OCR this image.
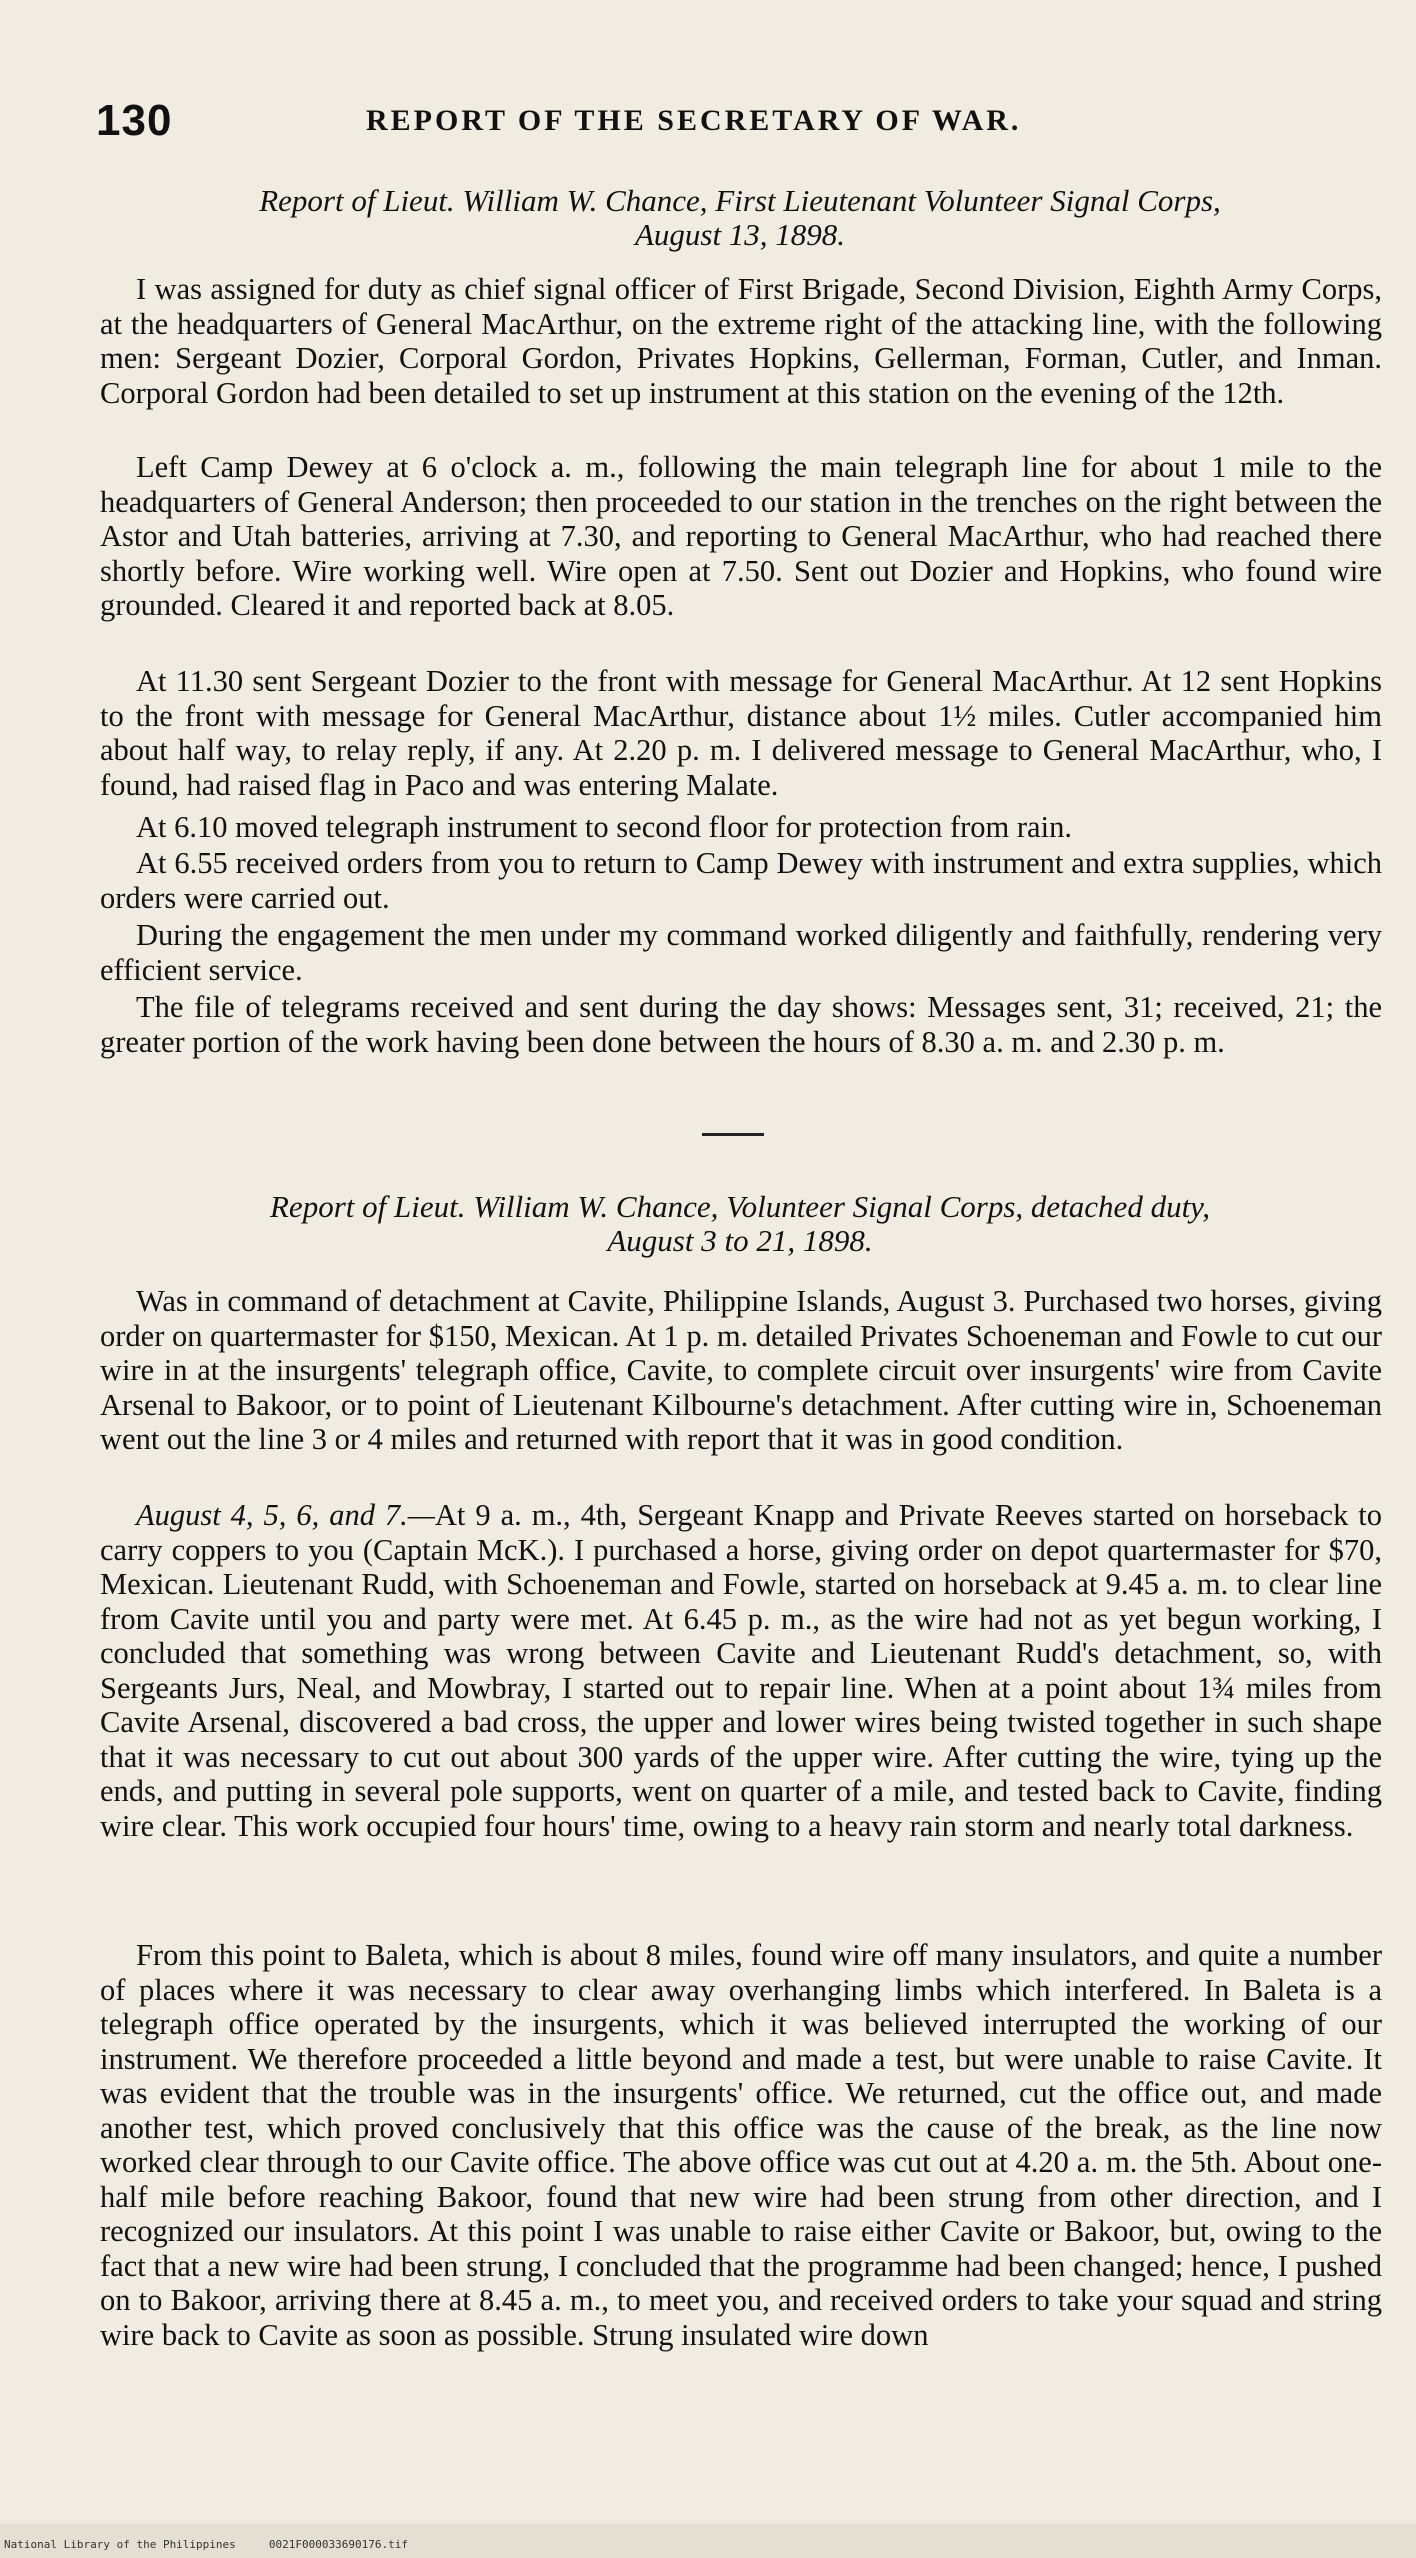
130	REPORT OF THE SECRETARY OF WAR.
Report of Lieut. William W. Chance, First Lieutenant Volunteer Signal Corps,
August 13, 1898.

I was assigned for duty as chief signal officer of First Brigade, Second Division, Eighth Army Corps, at the headquarters of General MacArthur, on the extreme right of the attacking line, with the following men: Sergeant Dozier, Corporal Gordon, Privates Hopkins, Gellerman, Forman, Cutler, and Inman. Corporal Gordon had been detailed to set up instrument at this station on the evening of the 12th.

Left Camp Dewey at 6 o'clock a. m., following the main telegraph line for about 1 mile to the headquarters of General Anderson; then proceeded to our station in the trenches on the right between the Astor and Utah batteries, arriving at 7.30, and reporting to General MacArthur, who had reached there shortly before. Wire working well. Wire open at 7.50. Sent out Dozier and Hopkins, who found wire grounded. Cleared it and reported back at 8.05.

At 11.30 sent Sergeant Dozier to the front with message for General MacArthur. At 12 sent Hopkins to the front with message for General MacArthur, distance about 1½ miles. Cutler accompanied him about half way, to relay reply, if any. At 2.20 p. m. I delivered message to General MacArthur, who, I found, had raised flag in Paco and was entering Malate.

At 6.10 moved telegraph instrument to second floor for protection from rain.

At 6.55 received orders from you to return to Camp Dewey with instrument and extra supplies, which orders were carried out.

During the engagement the men under my command worked diligently and faithfully, rendering very efficient service.

The file of telegrams received and sent during the day shows: Messages sent, 31; received, 21; the greater portion of the work having been done between the hours of 8.30 a. m. and 2.30 p. m.

Report of Lieut. William W. Chance, Volunteer Signal Corps, detached duty,
August 3 to 21, 1898.

Was in command of detachment at Cavite, Philippine Islands, August 3. Purchased two horses, giving order on quartermaster for $150, Mexican. At 1 p. m. detailed Privates Schoeneman and Fowle to cut our wire in at the insurgents' telegraph office, Cavite, to complete circuit over insurgents' wire from Cavite Arsenal to Bakoor, or to point of Lieutenant Kilbourne's detachment. After cutting wire in, Schoeneman went out the line 3 or 4 miles and returned with report that it was in good condition.

August 4, 5, 6, and 7.—At 9 a. m., 4th, Sergeant Knapp and Private Reeves started on horseback to carry coppers to you (Captain McK.). I purchased a horse, giving order on depot quartermaster for $70, Mexican. Lieutenant Rudd, with Schoeneman and Fowle, started on horseback at 9.45 a. m. to clear line from Cavite until you and party were met. At 6.45 p. m., as the wire had not as yet begun working, I concluded that something was wrong between Cavite and Lieutenant Rudd's detachment, so, with Sergeants Jurs, Neal, and Mowbray, I started out to repair line. When at a point about 1¾ miles from Cavite Arsenal, discovered a bad cross, the upper and lower wires being twisted together in such shape that it was necessary to cut out about 300 yards of the upper wire. After cutting the wire, tying up the ends, and putting in several pole supports, went on quarter of a mile, and tested back to Cavite, finding wire clear. This work occupied four hours' time, owing to a heavy rain storm and nearly total darkness.

From this point to Baleta, which is about 8 miles, found wire off many insulators, and quite a number of places where it was necessary to clear away overhanging limbs which interfered. In Baleta is a telegraph office operated by the insurgents, which it was believed interrupted the working of our instrument. We therefore proceeded a little beyond and made a test, but were unable to raise Cavite. It was evident that the trouble was in the insurgents' office. We returned, cut the office out, and made another test, which proved conclusively that this office was the cause of the break, as the line now worked clear through to our Cavite office. The above office was cut out at 4.20 a. m. the 5th. About one-half mile before reaching Bakoor, found that new wire had been strung from other direction, and I recognized our insulators. At this point I was unable to raise either Cavite or Bakoor, but, owing to the fact that a new wire had been strung, I concluded that the programme had been changed; hence, I pushed on to Bakoor, arriving there at 8.45 a. m., to meet you, and received orders to take your squad and string wire back to Cavite as soon as possible. Strung insulated wire down

National Library of the Philippines     0021F000033690176.tif
